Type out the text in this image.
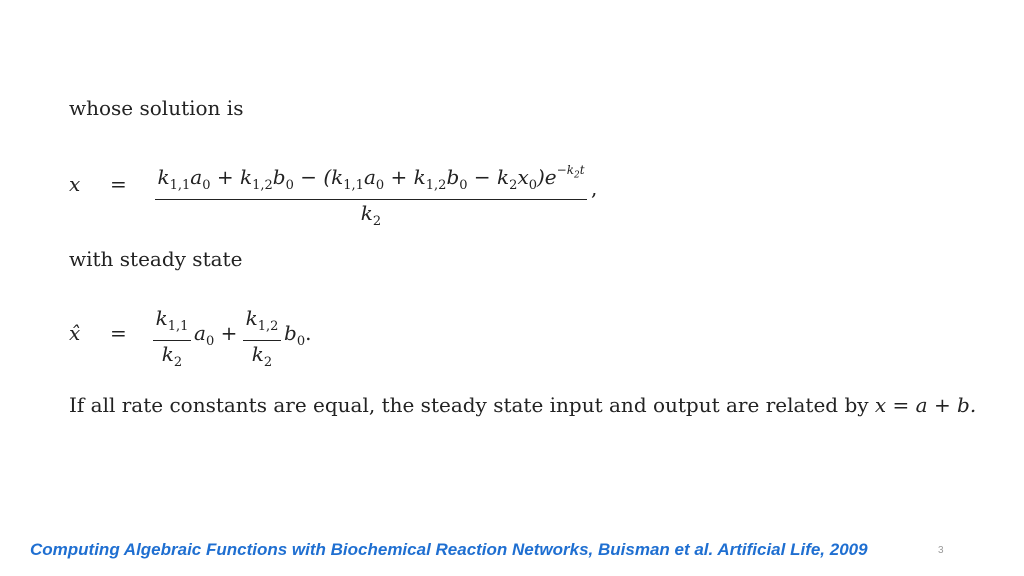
whose solution is
$x = k_{1,1}a_0 + k_{1,2}b_0 - (k_{1,1}a_0 + k_{1,2}b_0 - k_2x_0)e^{-k_2t}$
$k_2$
,
with steady state
x̂ =
$k_{1,1}$
$k_2$
$a_0$ +
$k_{1,2}$
$k_2$
$b_0$.
If all rate constants are equal, the steady state input and output are related by x = a + b.
Computing Algebraic Functions with Biochemical Reaction Networks, Buisman et al. Artificial Life, 2009	3
